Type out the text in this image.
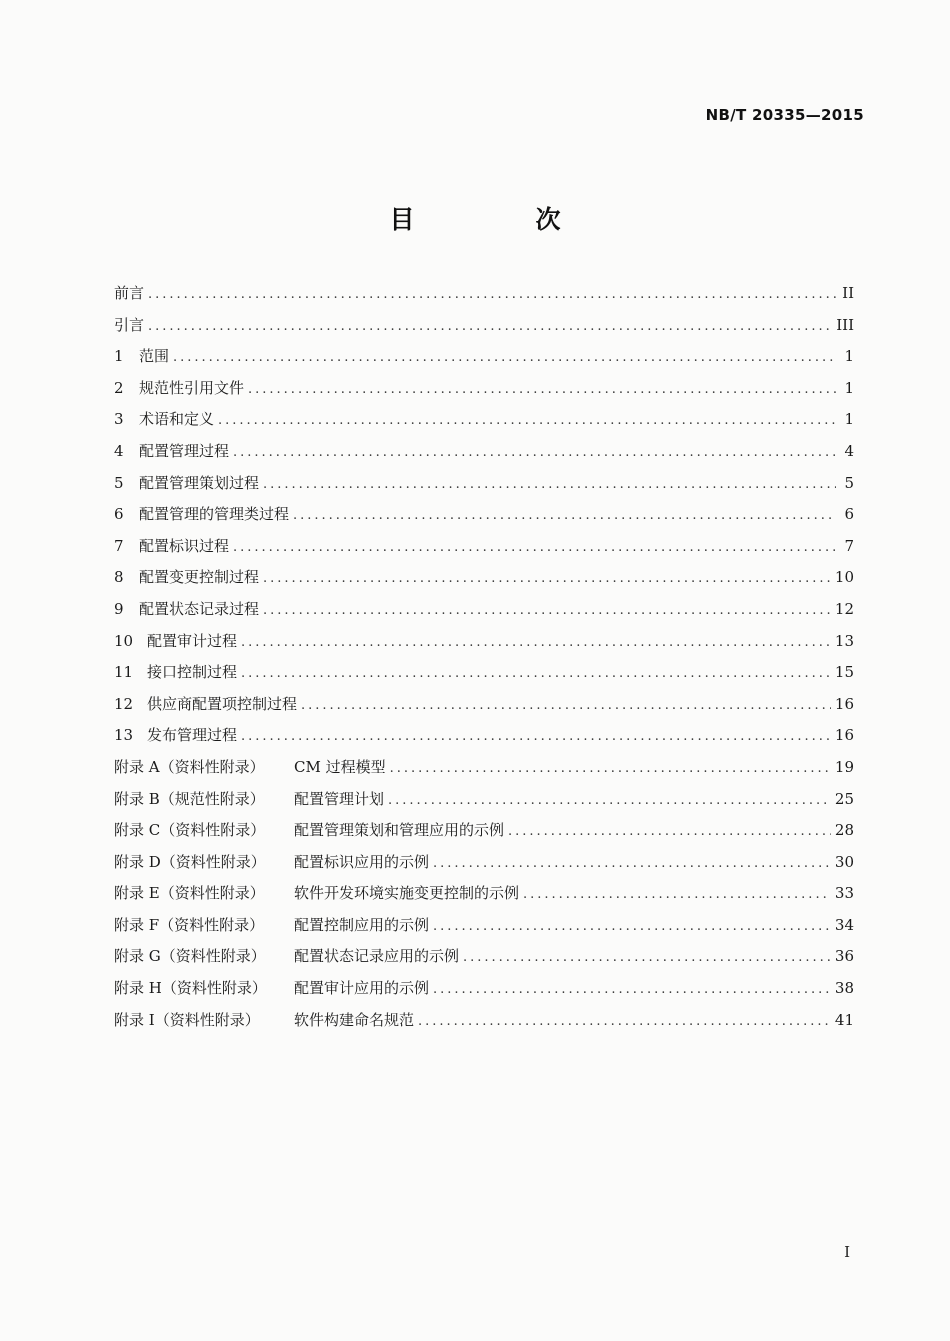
NB/T 20335—2015
目　次
前言 .....	II
引言 .....	III
1	范围 .....	1
2	规范性引用文件 .....	1
3	术语和定义 .....	1
4	配置管理过程 .....	4
5	配置管理策划过程 .....	5
6	配置管理的管理类过程 .....	6
7	配置标识过程 .....	7
8	配置变更控制过程 .....	10
9	配置状态记录过程 .....	12
10 配置审计过程 .....	13
11 接口控制过程 .....	15
12 供应商配置项控制过程 .....	16
13 发布管理过程 .....	16
附录 A（资料性附录）	CM 过程模型 .....	19
附录 B（规范性附录）	配置管理计划 .....	25
附录 C（资料性附录）	配置管理策划和管理应用的示例 .....	28
附录 D（资料性附录）	配置标识应用的示例 .....	30
附录 E（资料性附录）	软件开发环境实施变更控制的示例 .....	33
附录 F（资料性附录）	配置控制应用的示例 .....	34
附录 G（资料性附录）	配置状态记录应用的示例 .....	36
附录 H（资料性附录）	配置审计应用的示例 .....	38
附录 I（资料性附录）	软件构建命名规范 .....	41
I
